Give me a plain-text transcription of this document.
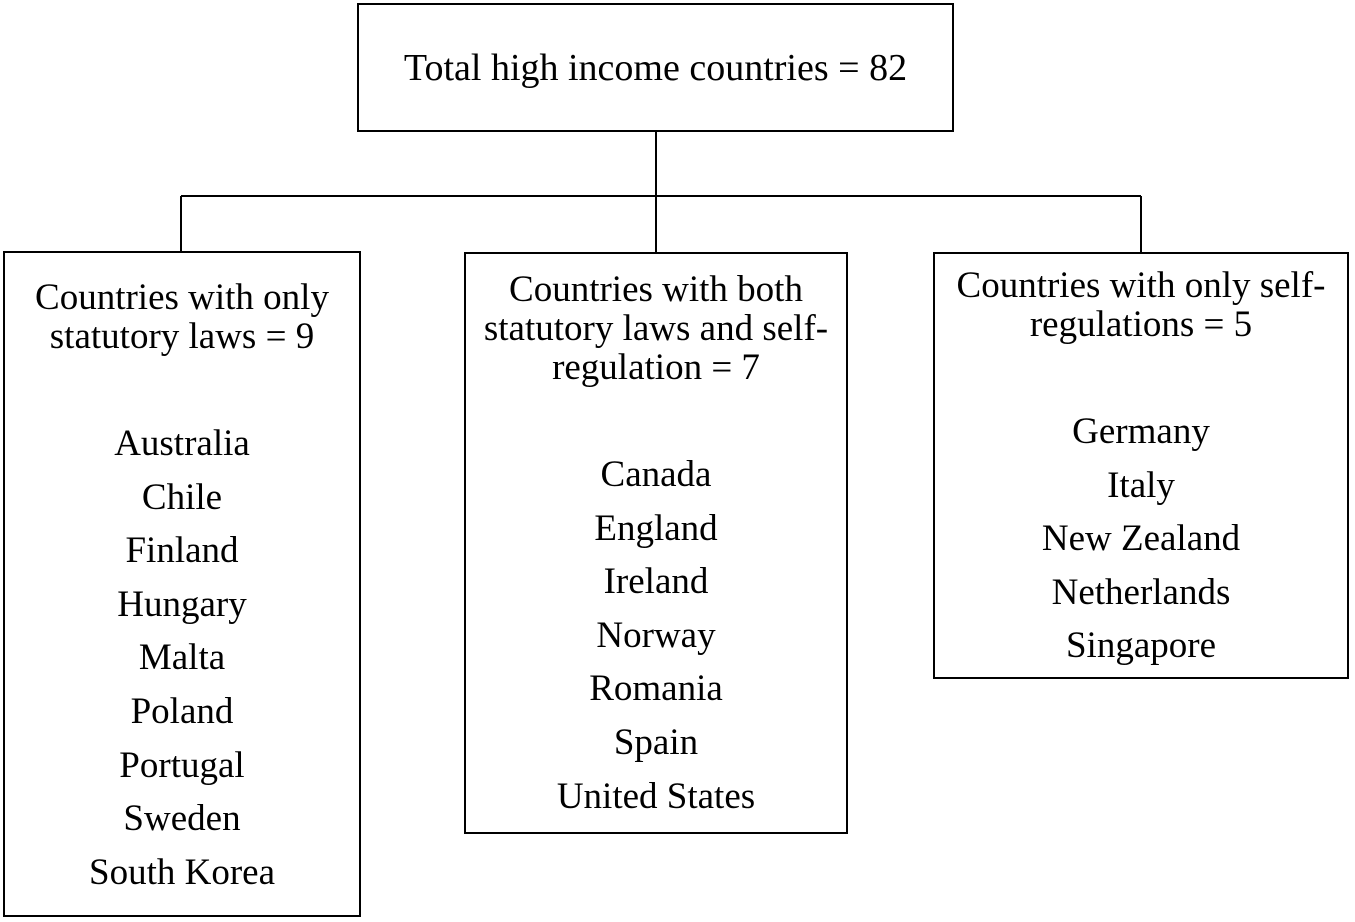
Total high income countries = 82
Countries with only
statutory laws = 9
Australia
Chile
Finland
Hungary
Malta
Poland
Portugal
Sweden
South Korea
Countries with both
statutory laws and self-
regulation = 7
Canada
England
Ireland
Norway
Romania
Spain
United States
Countries with only self-
regulations = 5
Germany
Italy
New Zealand
Netherlands
Singapore
